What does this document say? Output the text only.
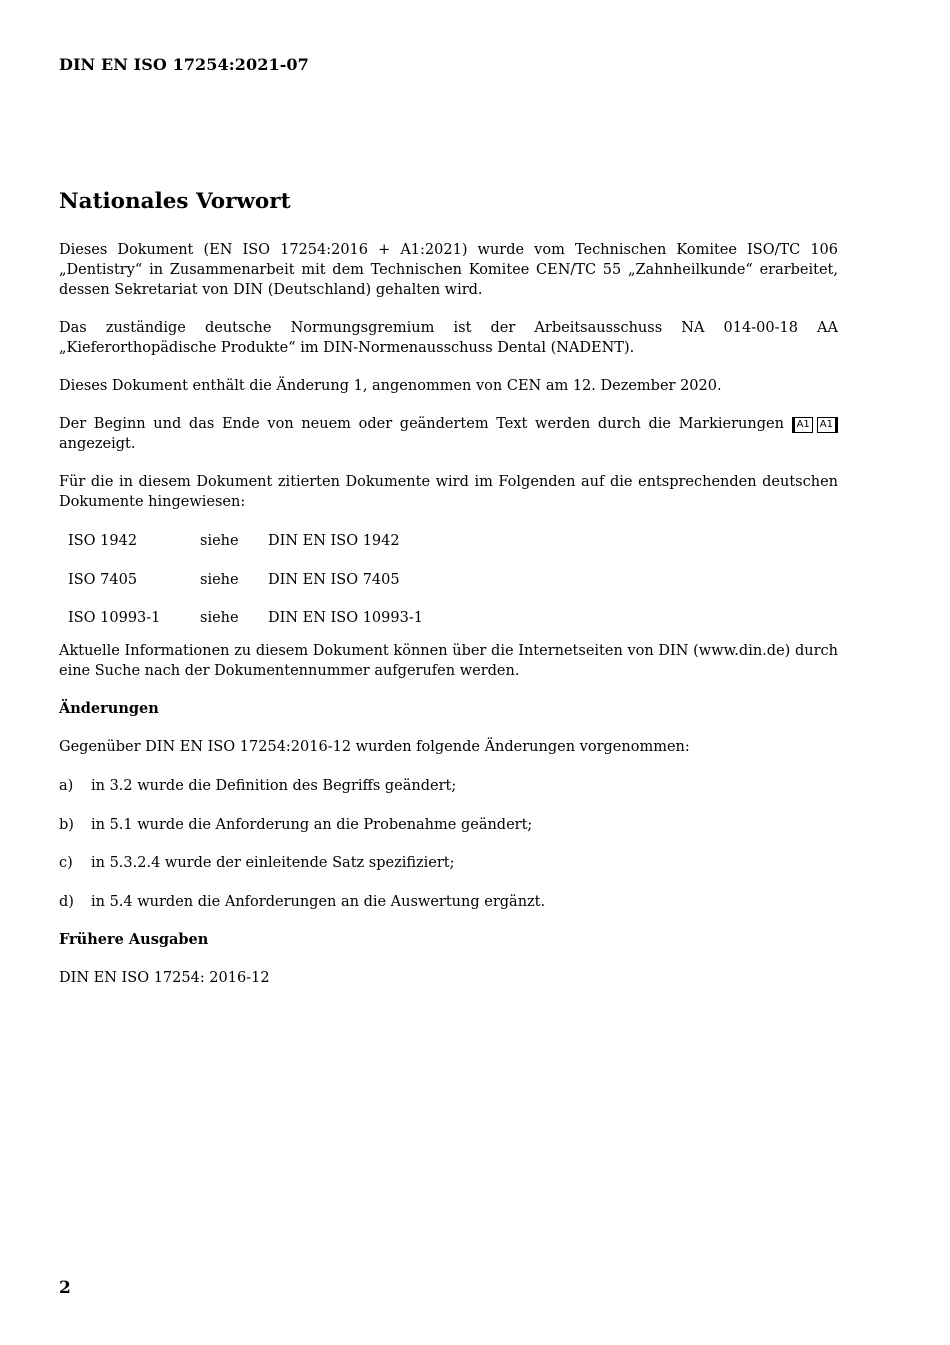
DIN EN ISO 17254:2021-07

Nationales Vorwort

Dieses Dokument (EN ISO 17254:2016 + A1:2021) wurde vom Technischen Komitee ISO/TC 106 „Dentistry“ in Zusammenarbeit mit dem Technischen Komitee CEN/TC 55 „Zahnheilkunde“ erarbeitet, dessen Sekretariat von DIN (Deutschland) gehalten wird.

Das zuständige deutsche Normungsgremium ist der Arbeitsausschuss NA 014-00-18 AA „Kieferorthopädische Produkte“ im DIN-Normenausschuss Dental (NADENT).

Dieses Dokument enthält die Änderung 1, angenommen von CEN am 12. Dezember 2020.

Der Beginn und das Ende von neuem oder geändertem Text werden durch die Markierungen A1 A1 angezeigt.

Für die in diesem Dokument zitierten Dokumente wird im Folgenden auf die entsprechenden deutschen Dokumente hingewiesen:

ISO 1942	siehe	DIN EN ISO 1942
ISO 7405	siehe	DIN EN ISO 7405
ISO 10993-1	siehe	DIN EN ISO 10993-1

Aktuelle Informationen zu diesem Dokument können über die Internetseiten von DIN (www.din.de) durch eine Suche nach der Dokumentennummer aufgerufen werden.

Änderungen

Gegenüber DIN EN ISO 17254:2016-12 wurden folgende Änderungen vorgenommen:

a)	in 3.2 wurde die Definition des Begriffs geändert;
b)	in 5.1 wurde die Anforderung an die Probenahme geändert;
c)	in 5.3.2.4 wurde der einleitende Satz spezifiziert;
d)	in 5.4 wurden die Anforderungen an die Auswertung ergänzt.
Frühere Ausgaben

DIN EN ISO 17254: 2016-12

2
